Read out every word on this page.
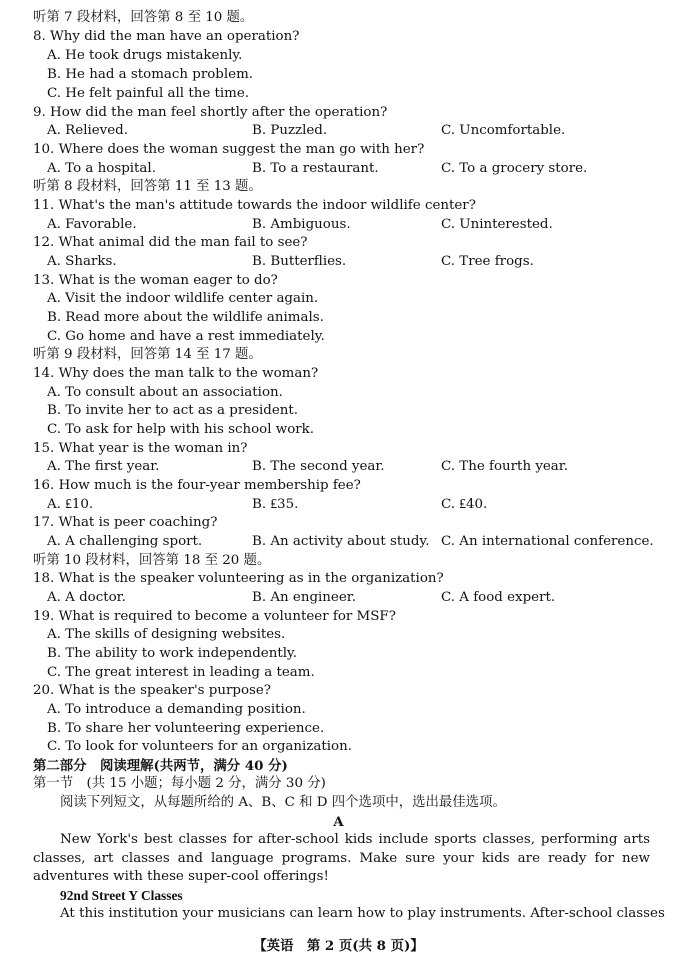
听第 7 段材料，回答第 8 至 10 题。
8. Why did the man have an operation?
A. He took drugs mistakenly.
B. He had a stomach problem.
C. He felt painful all the time.
9. How did the man feel shortly after the operation?
A. Relieved.	B. Puzzled.	C. Uncomfortable.
10. Where does the woman suggest the man go with her?
A. To a hospital.	B. To a restaurant.	C. To a grocery store.
听第 8 段材料，回答第 11 至 13 题。
11. What's the man's attitude towards the indoor wildlife center?
A. Favorable.	B. Ambiguous.	C. Uninterested.
12. What animal did the man fail to see?
A. Sharks.	B. Butterflies.	C. Tree frogs.
13. What is the woman eager to do?
A. Visit the indoor wildlife center again.
B. Read more about the wildlife animals.
C. Go home and have a rest immediately.
听第 9 段材料，回答第 14 至 17 题。
14. Why does the man talk to the woman?
A. To consult about an association.
B. To invite her to act as a president.
C. To ask for help with his school work.
15. What year is the woman in?
A. The first year.	B. The second year.	C. The fourth year.
16. How much is the four-year membership fee?
A. ₤10.	B. ₤35.	C. ₤40.
17. What is peer coaching?
A. A challenging sport.	B. An activity about study. C. An international conference.
听第 10 段材料，回答第 18 至 20 题。
18. What is the speaker volunteering as in the organization?
A. A doctor.	B. An engineer.	C. A food expert.
19. What is required to become a volunteer for MSF?
A. The skills of designing websites.
B. The ability to work independently.
C. The great interest in leading a team.
20. What is the speaker's purpose?
A. To introduce a demanding position.
B. To share her volunteering experience.
C. To look for volunteers for an organization.
第二部分　阅读理解(共两节，满分 40 分)
第一节　(共 15 小题；每小题 2 分，满分 30 分)
阅读下列短文，从每题所给的 A、B、C 和 D 四个选项中，选出最佳选项。
A
New York's best classes for after-school kids include sports classes, performing arts classes, art classes and language programs. Make sure your kids are ready for new adventures with these super-cool offerings!
92nd Street Y Classes
At this institution your musicians can learn how to play instruments. After-school classes
【英语　第 2 页(共 8 页)】
